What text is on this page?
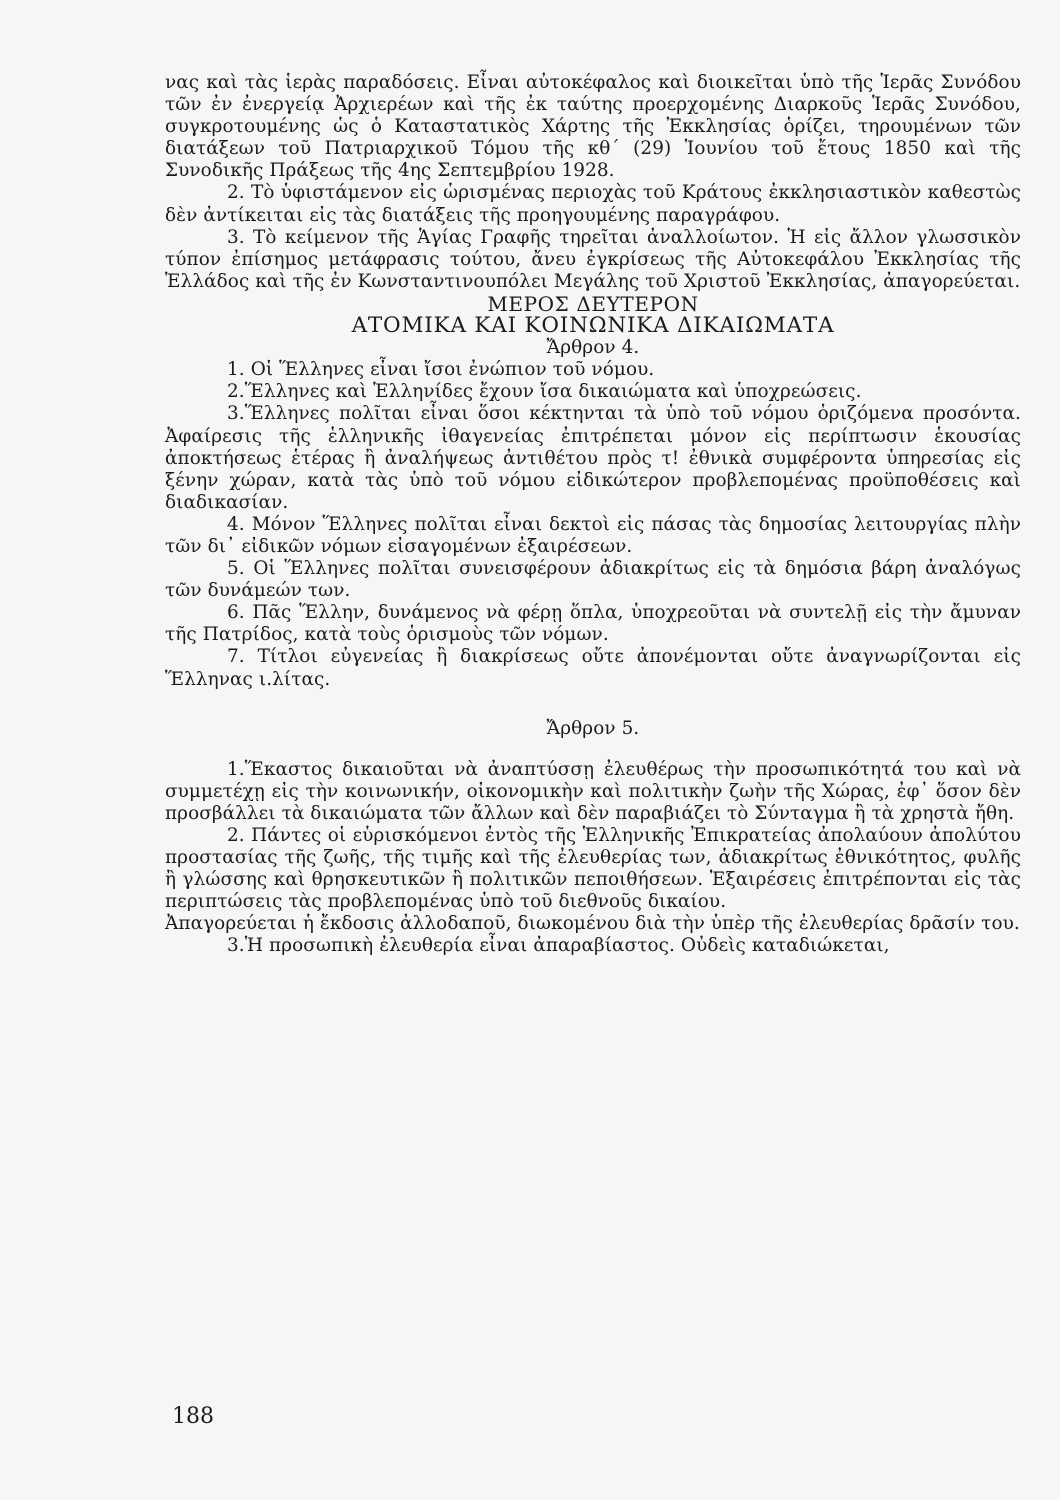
νας καὶ τὰς ἱερὰς παραδόσεις. Εἶναι αὐτοκέφαλος καὶ διοικεῖται ὑπὸ τῆς Ἱερᾶς Συνόδου τῶν ἐν ἐνεργείᾳ Ἀρχιερέων καὶ τῆς ἐκ ταύτης προερχομένης Διαρκοῦς Ἱερᾶς Συνόδου, συγκροτουμένης ὡς ὁ Καταστατικὸς Χάρτης τῆς Ἐκκλησίας ὁρίζει, τηρουμένων τῶν διατάξεων τοῦ Πατριαρχικοῦ Τόμου τῆς κθ΄ (29) Ἰουνίου τοῦ ἔτους 1850 καὶ τῆς Συνοδικῆς Πράξεως τῆς 4ης Σεπτεμβρίου 1928.

2. Τὸ ὑφιστάμενον εἰς ὡρισμένας περιοχὰς τοῦ Κράτους ἐκκλησιαστικὸν καθεστὼς δὲν ἀντίκειται εἰς τὰς διατάξεις τῆς προηγουμένης παραγράφου.

3. Τὸ κείμενον τῆς Ἁγίας Γραφῆς τηρεῖται ἀναλλοίωτον. Ἡ εἰς ἄλλον γλωσσικὸν τύπον ἐπίσημος μετάφρασις τούτου, ἄνευ ἐγκρίσεως τῆς Αὐτοκεφάλου Ἐκκλησίας τῆς Ἑλλάδος καὶ τῆς ἐν Κωνσταντινουπόλει Μεγάλης τοῦ Χριστοῦ Ἐκκλησίας, ἀπαγορεύεται.

ΜΕΡΟΣ ΔΕΥΤΕΡΟΝ

ΑΤΟΜΙΚΑ ΚΑΙ ΚΟΙΝΩΝΙΚΑ ΔΙΚΑΙΩΜΑΤΑ

Ἄρθρον 4.

1. Οἱ Ἕλληνες εἶναι ἴσοι ἐνώπιον τοῦ νόμου.

2.Ἕλληνες καὶ Ἑλληνίδες ἔχουν ἴσα δικαιώματα καὶ ὑποχρεώσεις.

3.Ἕλληνες πολῖται εἶναι ὅσοι κέκτηνται τὰ ὑπὸ τοῦ νόμου ὁριζόμενα προσόντα. Ἀφαίρεσις τῆς ἑλληνικῆς ἰθαγενείας ἐπιτρέπεται μόνον εἰς περίπτωσιν ἑκουσίας ἀποκτήσεως ἑτέρας ἢ ἀναλήψεως ἀντιθέτου πρὸς τ! ἐθνικὰ συμφέροντα ὑπηρεσίας εἰς ξένην χώραν, κατὰ τὰς ὑπὸ τοῦ νόμου εἰδικώτερον προβλεπομένας προϋποθέσεις καὶ διαδικασίαν.

4. Μόνον Ἕλληνες πολῖται εἶναι δεκτοὶ εἰς πάσας τὰς δημοσίας λειτουργίας πλὴν τῶν δι᾽ εἰδικῶν νόμων εἰσαγομένων ἐξαιρέσεων.

5. Οἱ Ἕλληνες πολῖται συνεισφέρουν ἀδιακρίτως εἰς τὰ δημόσια βάρη ἀναλόγως τῶν δυνάμεών των.

6. Πᾶς Ἕλλην, δυνάμενος νὰ φέρῃ ὅπλα, ὑποχρεοῦται νὰ συντελῇ εἰς τὴν ἄμυναν τῆς Πατρίδος, κατὰ τοὺς ὁρισμοὺς τῶν νόμων.

7. Τίτλοι εὐγενείας ἢ διακρίσεως οὔτε ἀπονέμονται οὔτε ἀναγνωρίζονται εἰς Ἕλληνας ι.λίτας.

Ἄρθρον 5.

1.Ἕκαστος δικαιοῦται νὰ ἀναπτύσσῃ ἐλευθέρως τὴν προσωπικότητά του καὶ νὰ συμμετέχῃ εἰς τὴν κοινωνικήν, οἰκονομικὴν καὶ πολιτικὴν ζωὴν τῆς Χώρας, ἐφ᾽ ὅσον δὲν προσβάλλει τὰ δικαιώματα τῶν ἄλλων καὶ δὲν παραβιάζει τὸ Σύνταγμα ἢ τὰ χρηστὰ ἤθη.

2. Πάντες οἱ εὑρισκόμενοι ἐντὸς τῆς Ἑλληνικῆς Ἐπικρατείας ἀπολαύουν ἀπολύτου προστασίας τῆς ζωῆς, τῆς τιμῆς καὶ τῆς ἐλευθερίας των, ἀδιακρίτως ἐθνικότητος, φυλῆς ἢ γλώσσης καὶ θρησκευτικῶν ἢ πολιτικῶν πεποιθήσεων. Ἐξαιρέσεις ἐπιτρέπονται εἰς τὰς περιπτώσεις τὰς προβλεπομένας ὑπὸ τοῦ διεθνοῦς δικαίου.

Ἀπαγορεύεται ἡ ἔκδοσις ἀλλοδαποῦ, διωκομένου διὰ τὴν ὑπὲρ τῆς ἐλευθερίας δρᾶσίν του.

3.Ἡ προσωπικὴ ἐλευθερία εἶναι ἀπαραβίαστος. Οὐδεὶς καταδιώκεται,

188
